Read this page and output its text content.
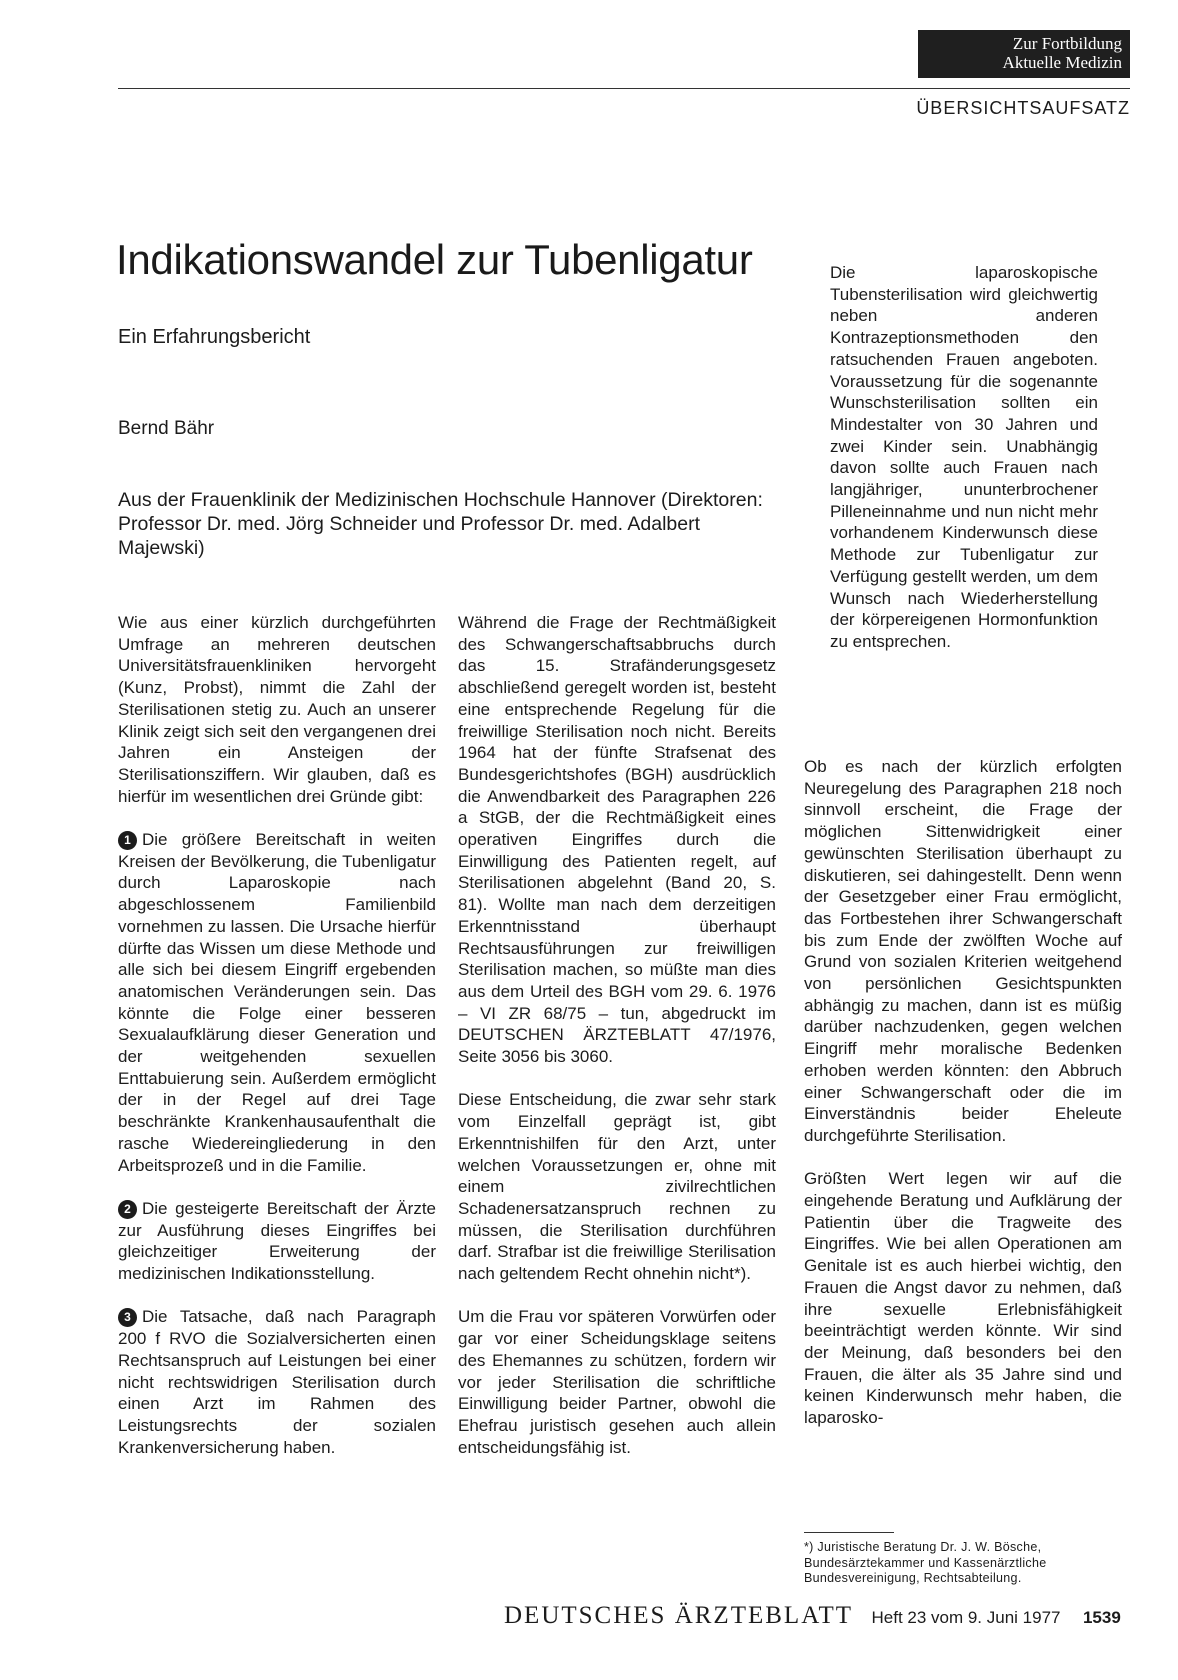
Zur Fortbildung
Aktuelle Medizin
ÜBERSICHTSAUFSATZ
Indikationswandel zur Tubenligatur
Ein Erfahrungsbericht
Bernd Bähr
Aus der Frauenklinik der Medizinischen Hochschule Hannover (Direktoren: Professor Dr. med. Jörg Schneider und Professor Dr. med. Adalbert Majewski)

Wie aus einer kürzlich durchgeführten Umfrage an mehreren deutschen Universitätsfrauenkliniken hervorgeht (Kunz, Probst), nimmt die Zahl der Sterilisationen stetig zu. Auch an unserer Klinik zeigt sich seit den vergangenen drei Jahren ein Ansteigen der Sterilisationsziffern. Wir glauben, daß es hierfür im wesentlichen drei Gründe gibt:

1 Die größere Bereitschaft in weiten Kreisen der Bevölkerung, die Tubenligatur durch Laparoskopie nach abgeschlossenem Familienbild vornehmen zu lassen. Die Ursache hierfür dürfte das Wissen um diese Methode und alle sich bei diesem Eingriff ergebenden anatomischen Veränderungen sein. Das könnte die Folge einer besseren Sexualaufklärung dieser Generation und der weitgehenden sexuellen Enttabuierung sein. Außerdem ermöglicht der in der Regel auf drei Tage beschränkte Krankenhausaufenthalt die rasche Wiedereingliederung in den Arbeitsprozeß und in die Familie.

2 Die gesteigerte Bereitschaft der Ärzte zur Ausführung dieses Eingriffes bei gleichzeitiger Erweiterung der medizinischen Indikationsstellung.

3 Die Tatsache, daß nach Paragraph 200 f RVO die Sozialversicherten einen Rechtsanspruch auf Leistungen bei einer nicht rechtswidrigen Sterilisation durch einen Arzt im Rahmen des Leistungsrechts der sozialen Krankenversicherung haben.

Während die Frage der Rechtmäßigkeit des Schwangerschaftsabbruchs durch das 15. Strafänderungsgesetz abschließend geregelt worden ist, besteht eine entsprechende Regelung für die freiwillige Sterilisation noch nicht. Bereits 1964 hat der fünfte Strafsenat des Bundesgerichtshofes (BGH) ausdrücklich die Anwendbarkeit des Paragraphen 226 a StGB, der die Rechtmäßigkeit eines operativen Eingriffes durch die Einwilligung des Patienten regelt, auf Sterilisationen abgelehnt (Band 20, S. 81). Wollte man nach dem derzeitigen Erkenntnisstand überhaupt Rechtsausführungen zur freiwilligen Sterilisation machen, so müßte man dies aus dem Urteil des BGH vom 29. 6. 1976 – VI ZR 68/75 – tun, abgedruckt im DEUTSCHEN ÄRZTEBLATT 47/1976, Seite 3056 bis 3060.

Diese Entscheidung, die zwar sehr stark vom Einzelfall geprägt ist, gibt Erkenntnishilfen für den Arzt, unter welchen Voraussetzungen er, ohne mit einem zivilrechtlichen Schadenersatzanspruch rechnen zu müssen, die Sterilisation durchführen darf. Strafbar ist die freiwillige Sterilisation nach geltendem Recht ohnehin nicht*).

Um die Frau vor späteren Vorwürfen oder gar vor einer Scheidungsklage seitens des Ehemannes zu schützen, fordern wir vor jeder Sterilisation die schriftliche Einwilligung beider Partner, obwohl die Ehefrau juristisch gesehen auch allein entscheidungsfähig ist.

Die laparoskopische Tubensterilisation wird gleichwertig neben anderen Kontrazeptionsmethoden den ratsuchenden Frauen angeboten. Voraussetzung für die sogenannte Wunschsterilisation sollten ein Mindestalter von 30 Jahren und zwei Kinder sein. Unabhängig davon sollte auch Frauen nach langjähriger, ununterbrochener Pilleneinnahme und nun nicht mehr vorhandenem Kinderwunsch diese Methode zur Tubenligatur zur Verfügung gestellt werden, um dem Wunsch nach Wiederherstellung der körpereigenen Hormonfunktion zu entsprechen.

Ob es nach der kürzlich erfolgten Neuregelung des Paragraphen 218 noch sinnvoll erscheint, die Frage der möglichen Sittenwidrigkeit einer gewünschten Sterilisation überhaupt zu diskutieren, sei dahingestellt. Denn wenn der Gesetzgeber einer Frau ermöglicht, das Fortbestehen ihrer Schwangerschaft bis zum Ende der zwölften Woche auf Grund von sozialen Kriterien weitgehend von persönlichen Gesichtspunkten abhängig zu machen, dann ist es müßig darüber nachzudenken, gegen welchen Eingriff mehr moralische Bedenken erhoben werden könnten: den Abbruch einer Schwangerschaft oder die im Einverständnis beider Eheleute durchgeführte Sterilisation.

Größten Wert legen wir auf die eingehende Beratung und Aufklärung der Patientin über die Tragweite des Eingriffes. Wie bei allen Operationen am Genitale ist es auch hierbei wichtig, den Frauen die Angst davor zu nehmen, daß ihre sexuelle Erlebnisfähigkeit beeinträchtigt werden könnte. Wir sind der Meinung, daß besonders bei den Frauen, die älter als 35 Jahre sind und keinen Kinderwunsch mehr haben, die laparosko-

*) Juristische Beratung Dr. J. W. Bösche, Bundesärztekammer und Kassenärztliche Bundesvereinigung, Rechtsabteilung.

DEUTSCHES ÄRZTEBLATT Heft 23 vom 9. Juni 1977 1539
